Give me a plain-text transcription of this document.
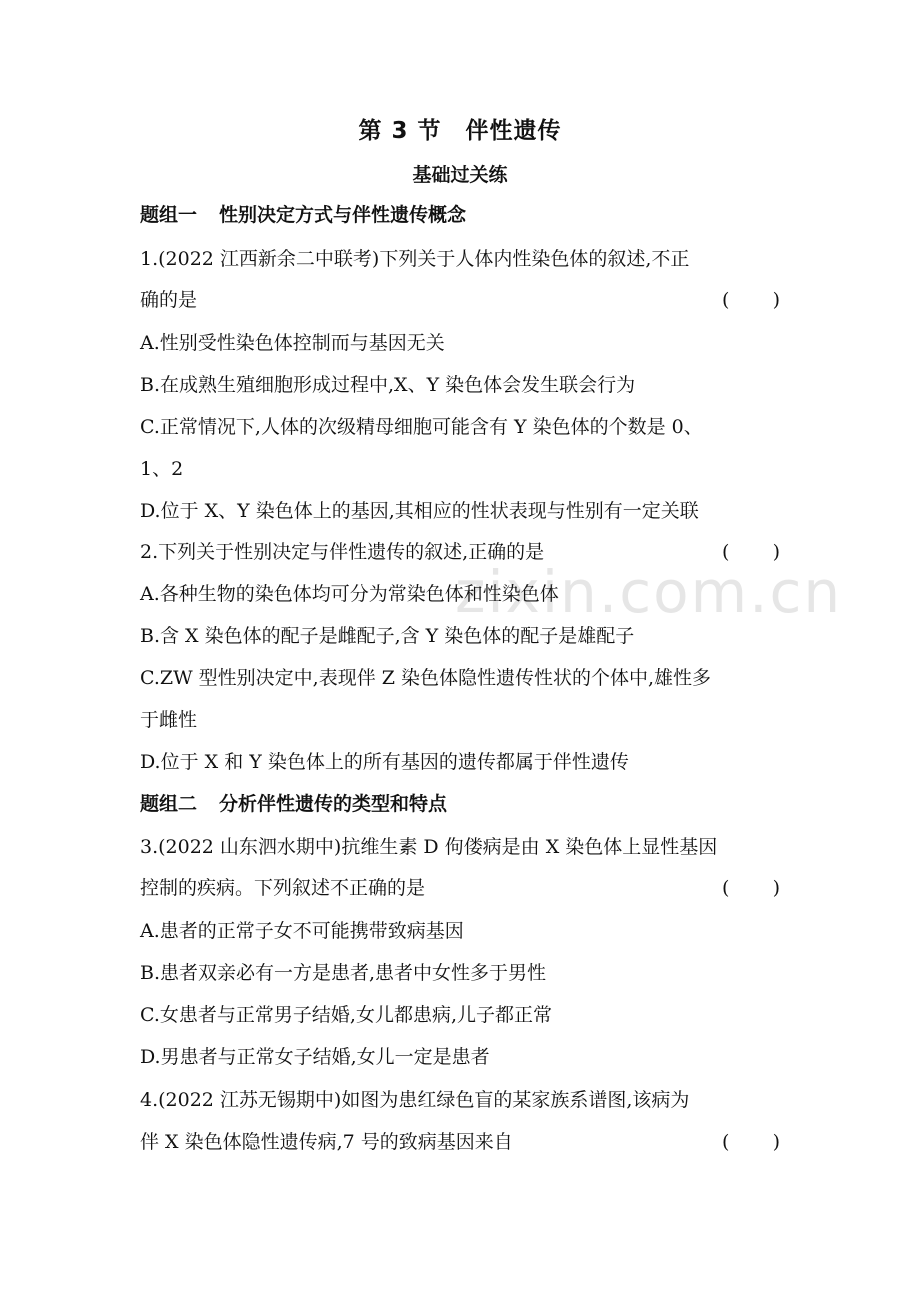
zixin.com.cn
第 3 节　伴性遗传
基础过关练
题组一 性别决定方式与伴性遗传概念
1.(2022 江西新余二中联考)下列关于人体内性染色体的叙述,不正
确的是	( )
A.性别受性染色体控制而与基因无关
B.在成熟生殖细胞形成过程中,X、Y 染色体会发生联会行为
C.正常情况下,人体的次级精母细胞可能含有 Y 染色体的个数是 0、
1、2
D.位于 X、Y 染色体上的基因,其相应的性状表现与性别有一定关联
2.下列关于性别决定与伴性遗传的叙述,正确的是	( )
A.各种生物的染色体均可分为常染色体和性染色体
B.含 X 染色体的配子是雌配子,含 Y 染色体的配子是雄配子
C.ZW 型性别决定中,表现伴 Z 染色体隐性遗传性状的个体中,雄性多
于雌性
D.位于 X 和 Y 染色体上的所有基因的遗传都属于伴性遗传
题组二 分析伴性遗传的类型和特点
3.(2022 山东泗水期中)抗维生素 D 佝偻病是由 X 染色体上显性基因
控制的疾病。下列叙述不正确的是	( )
A.患者的正常子女不可能携带致病基因
B.患者双亲必有一方是患者,患者中女性多于男性
C.女患者与正常男子结婚,女儿都患病,儿子都正常
D.男患者与正常女子结婚,女儿一定是患者
4.(2022 江苏无锡期中)如图为患红绿色盲的某家族系谱图,该病为
伴 X 染色体隐性遗传病,7 号的致病基因来自	( )
